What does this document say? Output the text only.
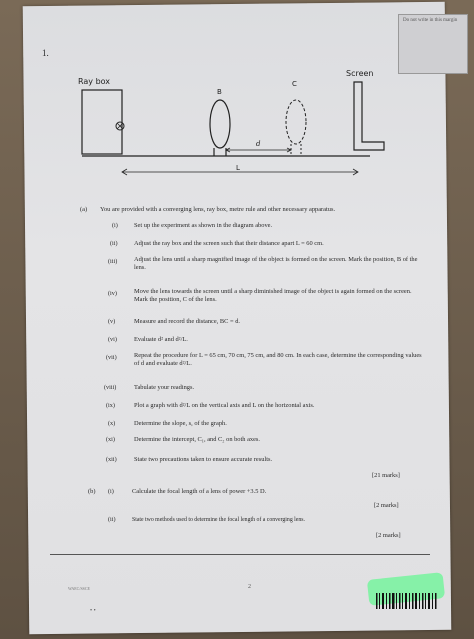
Do not write in this margin
1.
Ray box
B
C
d
Screen
L
(a) You are provided with a converging lens, ray box, metre rule and other necessary apparatus.
(i)	Set up the experiment as shown in the diagram above.
(ii)	Adjust the ray box and the screen such that their distance apart L = 60 cm.
(iii)	Adjust the lens until a sharp magnified image of the object is formed on the screen. Mark the position, B of the lens.
(iv)	Move the lens towards the screen until a sharp diminished image of the object is again formed on the screen. Mark the position, C of the lens.
(v)	Measure and record the distance, BC = d.
(vi)	Evaluate d² and d²/L.
(vii)	Repeat the procedure for L = 65 cm, 70 cm, 75 cm, and 80 cm. In each case, determine the corresponding values of d and evaluate d²/L.
(viii)	Tabulate your readings.
(ix)	Plot a graph with d²/L on the vertical axis and L on the horizontal axis.
(x)	Determine the slope, s, of the graph.
(xi)	Determine the intercept, C₁, and C₂ on both axes.
(xii)	State two precautions taken to ensure accurate results.
[21 marks]
(b) (i)	Calculate the focal length of a lens of power +3.5 D.
[2 marks]
(ii)	State two methods used to determine the focal length of a converging lens.
[2 marks]
WAEC/SSCE	2
• •
